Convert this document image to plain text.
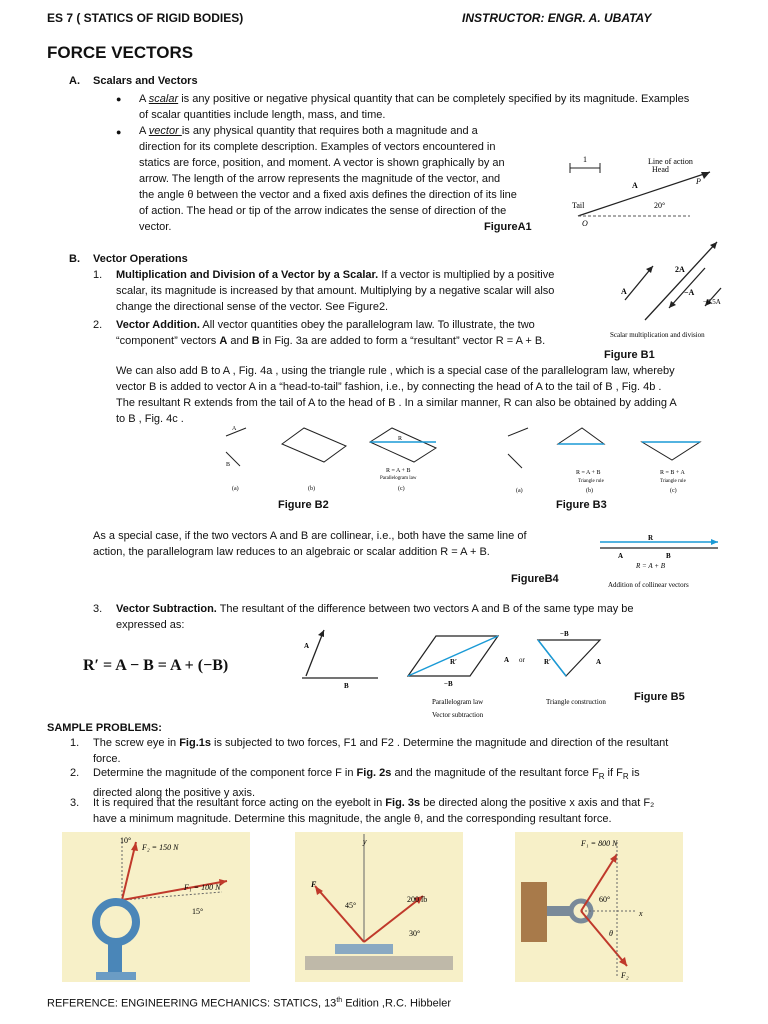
ES 7 ( STATICS OF RIGID BODIES)	INSTRUCTOR: ENGR. A. UBATAY
FORCE VECTORS
A. Scalars and Vectors
● A scalar is any positive or negative physical quantity that can be completely specified by its magnitude. Examples
of scalar quantities include length, mass, and time.
● A vector is any physical quantity that requires both a magnitude and a
direction for its complete description. Examples of vectors encountered in
statics are force, position, and moment. A vector is shown graphically by an
arrow. The length of the arrow represents the magnitude of the vector, and
the angle θ between the vector and a fixed axis defines the direction of its line
of action. The head or tip of the arrow indicates the sense of direction of the
vector.	FigureA1
1	Line of action
Head
P
A
Tail	20°
O
B. Vector Operations
1. Multiplication and Division of a Vector by a Scalar. If a vector is multiplied by a positive
scalar, its magnitude is increased by that amount. Multiplying by a negative scalar will also
change the directional sense of the vector. See Figure2.
2. Vector Addition. All vector quantities obey the parallelogram law. To illustrate, the two
“component” vectors A and B in Fig. 3a are added to form a “resultant” vector R = A + B.
A
2A
−A
−0.5A
Scalar multiplication and division
Figure B1
We can also add B to A , Fig. 4a , using the triangle rule , which is a special case of the parallelogram law, whereby
vector B is added to vector A in a “head-to-tail” fashion, i.e., by connecting the head of A to the tail of B , Fig. 4b .
The resultant R extends from the tail of A to the head of B . In a similar manner, R can also be obtained by adding A
to B , Fig. 4c .
A
B
R
R = A + B
Parallelogram law
(a)	(b)	(c)
Figure B2
R = A + B
Triangle rule
R = B + A
Triangle rule
(a)	(b)	(c)
Figure B3
As a special case, if the two vectors A and B are collinear, i.e., both have the same line of
action, the parallelogram law reduces to an algebraic or scalar addition R = A + B.
R
A	B
R = A + B
Addition of collinear vectors
FigureB4
3. Vector Subtraction. The resultant of the difference between two vectors A and B of the same type may be
expressed as:
R′ = A − B = A + (−B)
A
B
R′	A
−B
or
−B
R′	A
Parallelogram law
Vector subtraction
Triangle construction	Figure B5
SAMPLE PROBLEMS:
1. The screw eye in Fig.1s is subjected to two forces, F1 and F2 . Determine the magnitude and direction of the resultant
force.
2. Determine the magnitude of the component force F in Fig. 2s and the magnitude of the resultant force $F_R$ if $F_R$ is
directed along the positive y axis.
3. It is required that the resultant force acting on the eyebolt in Fig. 3s be directed along the positive x axis and that F₂
have a minimum magnitude. Determine this magnitude, the angle θ, and the corresponding resultant force.
10°
F₂ = 150 N
F₁ = 100 N
15°
y
F
45°
200 lb
30°
F₁ = 800 N
60°
x
θ
F₂
REFERENCE: ENGINEERING MECHANICS: STATICS, 13th Edition ,R.C. Hibbeler
